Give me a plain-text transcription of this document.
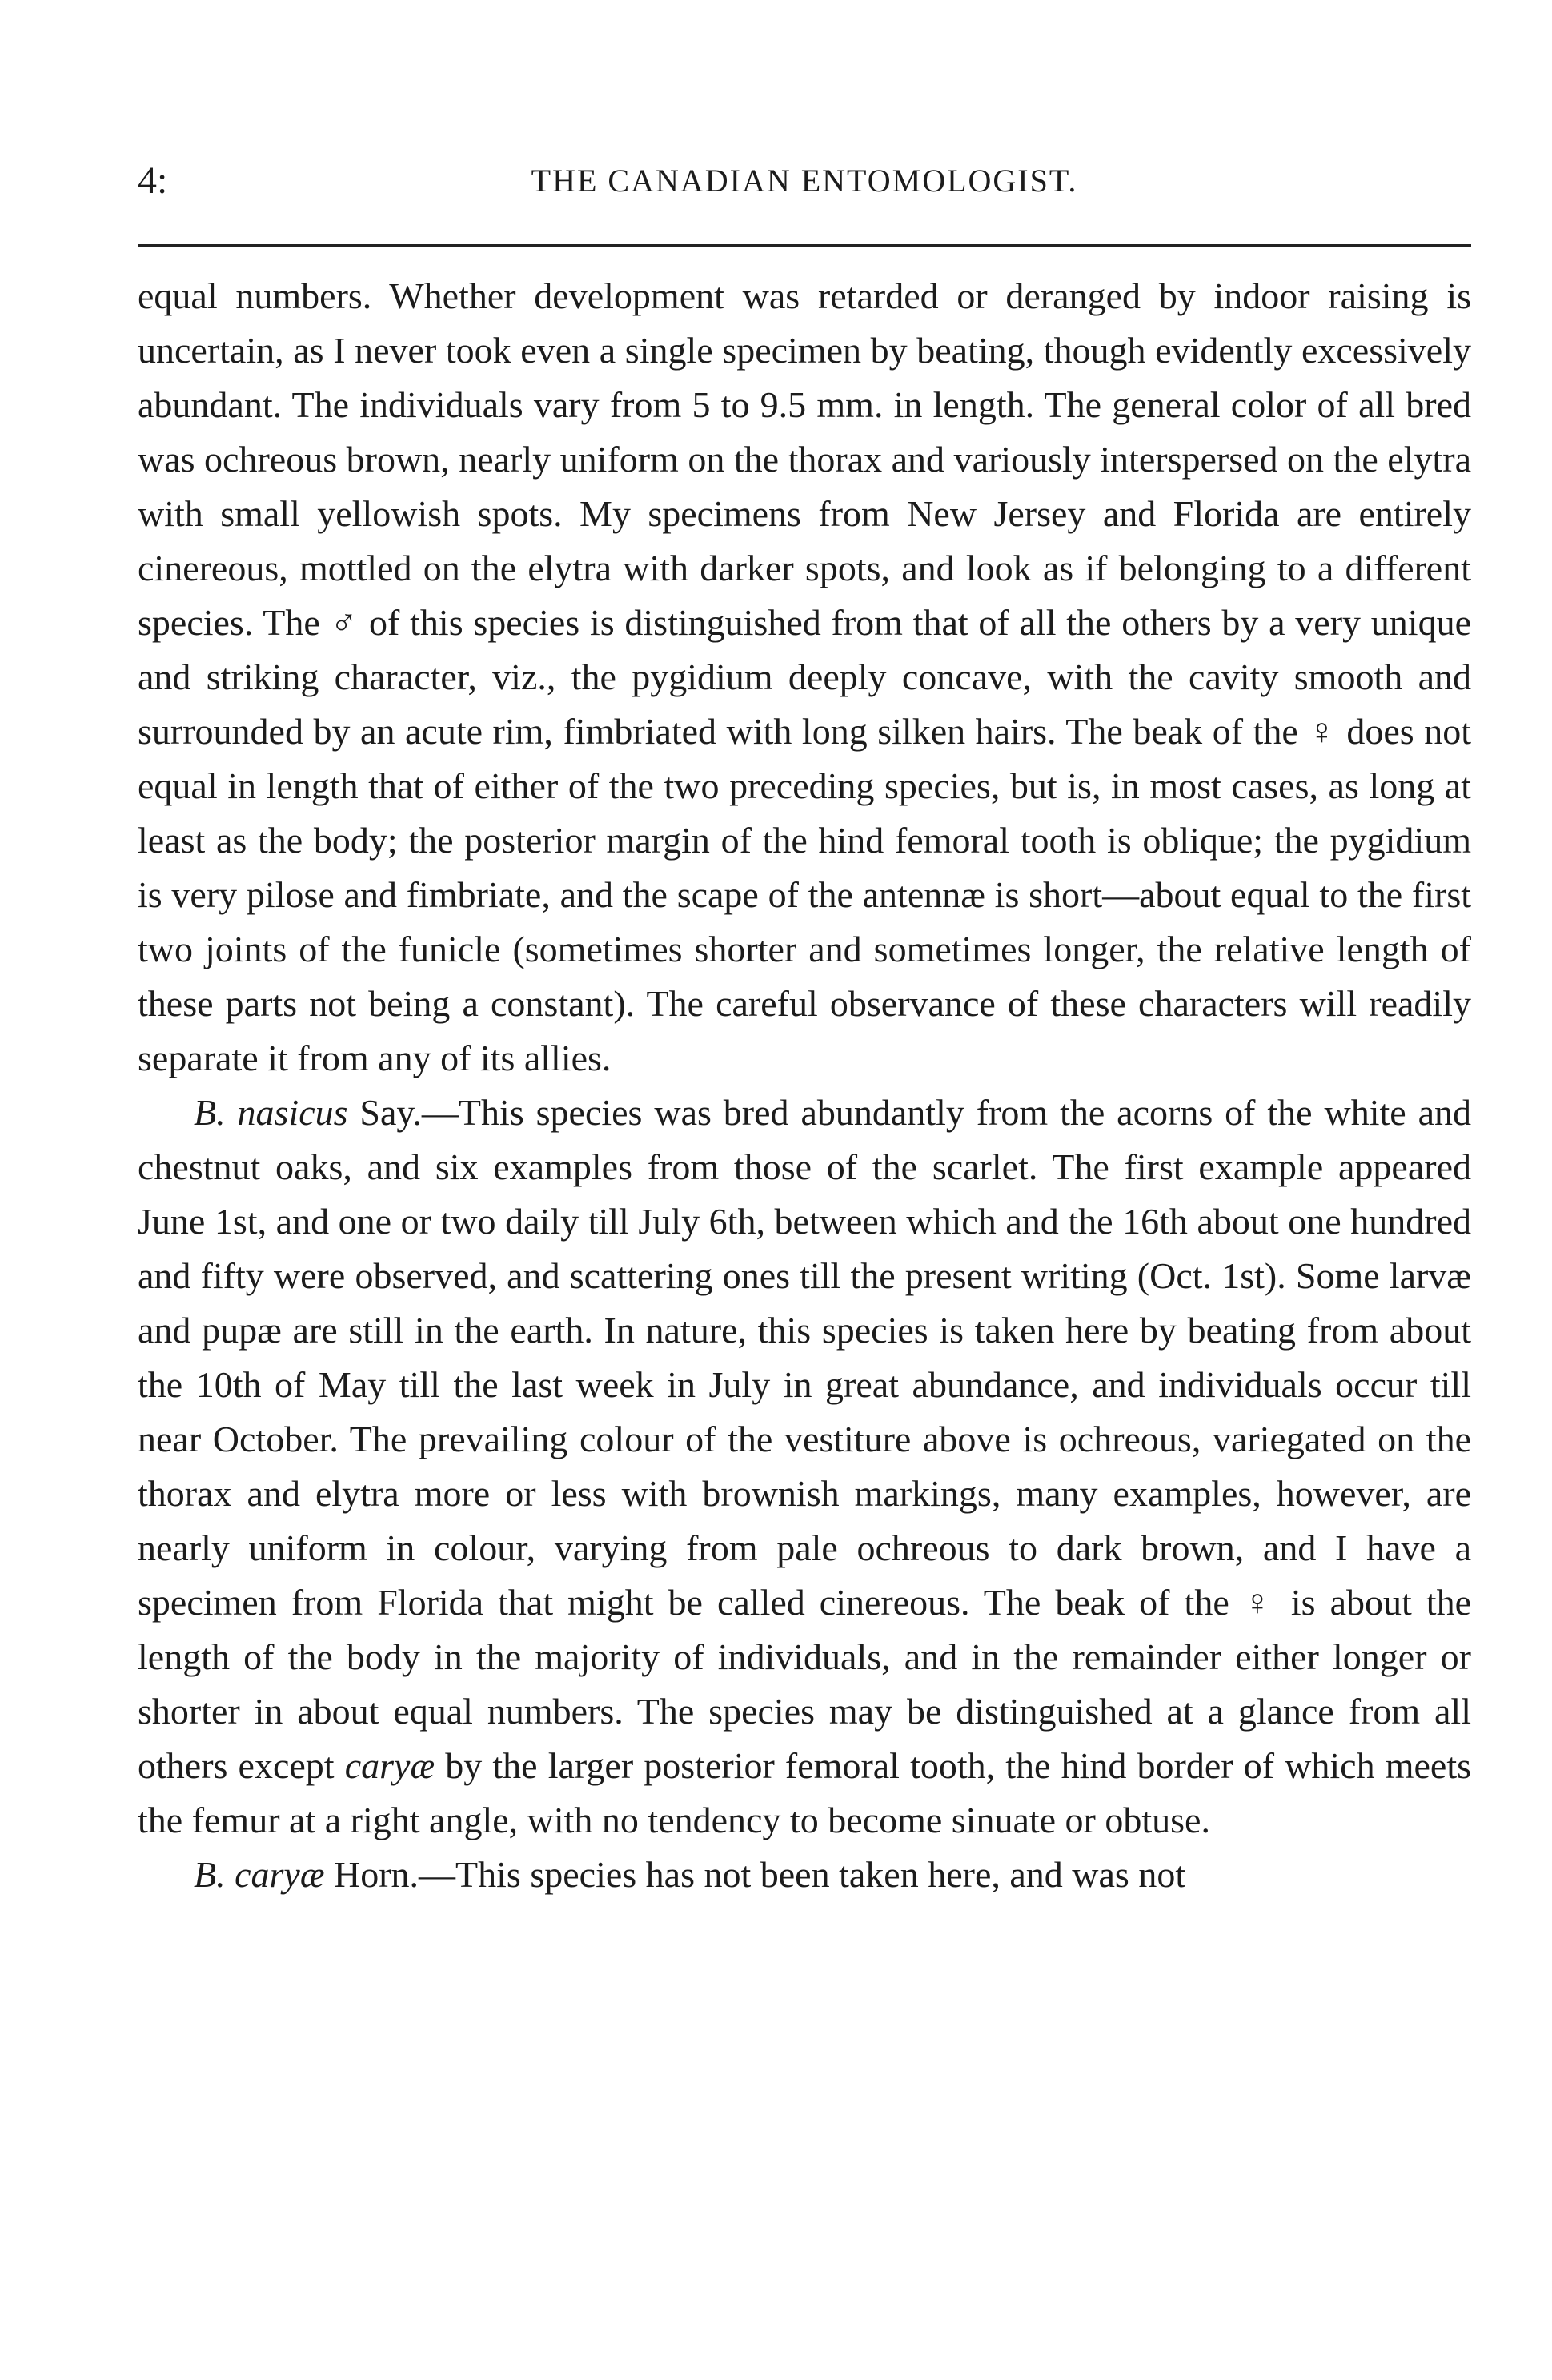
4:	THE CANADIAN ENTOMOLOGIST.

equal numbers. Whether development was retarded or deranged by indoor raising is uncertain, as I never took even a single specimen by beating, though evidently excessively abundant. The individuals vary from 5 to 9.5 mm. in length. The general color of all bred was ochreous brown, nearly uniform on the thorax and variously interspersed on the elytra with small yellowish spots. My specimens from New Jersey and Florida are entirely cinereous, mottled on the elytra with darker spots, and look as if belonging to a different species. The ♂ of this species is distinguished from that of all the others by a very unique and striking character, viz., the pygidium deeply concave, with the cavity smooth and surrounded by an acute rim, fimbriated with long silken hairs. The beak of the ♀ does not equal in length that of either of the two preceding species, but is, in most cases, as long at least as the body; the posterior margin of the hind femoral tooth is oblique; the pygidium is very pilose and fimbriate, and the scape of the antennæ is short—about equal to the first two joints of the funicle (sometimes shorter and sometimes longer, the relative length of these parts not being a constant). The careful observance of these characters will readily separate it from any of its allies.

B. nasicus Say.—This species was bred abundantly from the acorns of the white and chestnut oaks, and six examples from those of the scarlet. The first example appeared June 1st, and one or two daily till July 6th, between which and the 16th about one hundred and fifty were observed, and scattering ones till the present writing (Oct. 1st). Some larvæ and pupæ are still in the earth. In nature, this species is taken here by beating from about the 10th of May till the last week in July in great abundance, and individuals occur till near October. The prevailing colour of the vestiture above is ochreous, variegated on the thorax and elytra more or less with brownish markings, many examples, however, are nearly uniform in colour, varying from pale ochreous to dark brown, and I have a specimen from Florida that might be called cinereous. The beak of the ♀ is about the length of the body in the majority of individuals, and in the remainder either longer or shorter in about equal numbers. The species may be distinguished at a glance from all others except caryæ by the larger posterior femoral tooth, the hind border of which meets the femur at a right angle, with no tendency to become sinuate or obtuse.

B. caryæ Horn.—This species has not been taken here, and was not
